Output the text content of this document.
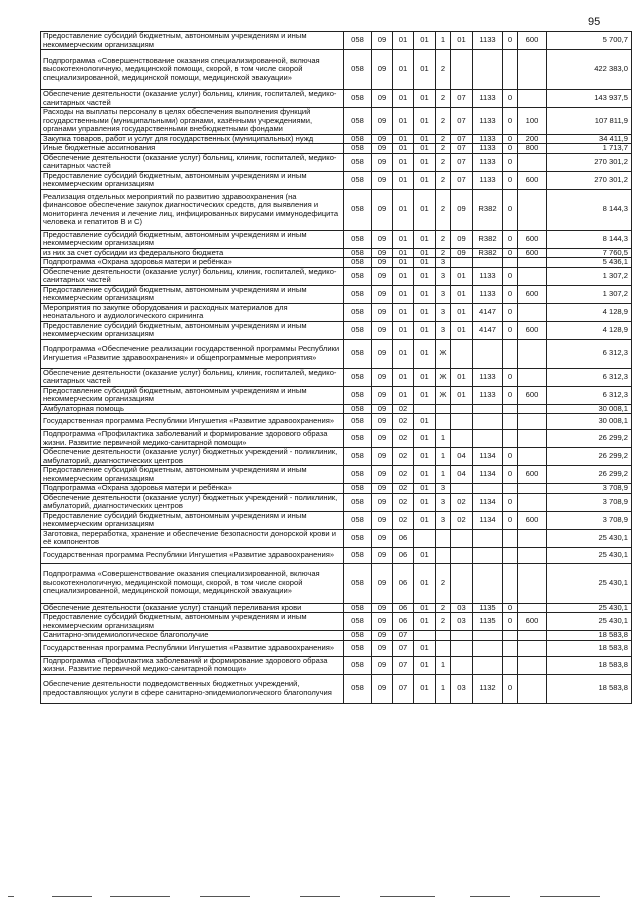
95
Предоставление субсидий бюджетным, автономным учреждениям и иным некоммерческим организациям	058	09	01	01	1	01	1133	0	600	5 700,7
Подпрограмма «Совершенствование оказания специализированной, включая высокотехнологичную, медицинской помощи, скорой, в том числе скорой специализированной, медицинской помощи, медицинской эвакуации»	058	09	01	01	2					422 383,0
Обеспечение деятельности (оказание услуг) больниц, клиник, госпиталей, медико-санитарных частей	058	09	01	01	2	07	1133	0		143 937,5
Расходы на выплаты персоналу в целях обеспечения выполнения функций государственными (муниципальными) органами, казёнными учреждениями, органами управления государственными внебюджетными фондами	058	09	01	01	2	07	1133	0	100	107 811,9
Закупка товаров, работ и услуг для государственных (муниципальных) нужд	058	09	01	01	2	07	1133	0	200	34 411,9
Иные бюджетные ассигнования	058	09	01	01	2	07	1133	0	800	1 713,7
Обеспечение деятельности (оказание услуг) больниц, клиник, госпиталей, медико-санитарных частей	058	09	01	01	2	07	1133	0		270 301,2
Предоставление субсидий бюджетным, автономным учреждениям и иным некоммерческим организациям	058	09	01	01	2	07	1133	0	600	270 301,2
Реализация отдельных мероприятий по развитию здравоохранения (на финансовое обеспечение закупок диагностических средств, для выявления и мониторинга лечения и лечение лиц, инфицированных вирусами иммунодефицита человека и гепатитов В и С)	058	09	01	01	2	09	R382	0		8 144,3
Предоставление субсидий бюджетным, автономным учреждениям и иным некоммерческим организациям	058	09	01	01	2	09	R382	0	600	8 144,3
из них за счет субсидии из федерального бюджета	058	09	01	01	2	09	R382	0	600	7 760,5
Подпрограмма «Охрана здоровья матери и ребёнка»	058	09	01	01	3					5 436,1
Обеспечение деятельности (оказание услуг) больниц, клиник, госпиталей, медико-санитарных частей	058	09	01	01	3	01	1133	0		1 307,2
Предоставление субсидий бюджетным, автономным учреждениям и иным некоммерческим организациям	058	09	01	01	3	01	1133	0	600	1 307,2
Мероприятия по закупке оборудования и расходных материалов для неонатального и аудиологического скрининга	058	09	01	01	3	01	4147	0		4 128,9
Предоставление субсидий бюджетным, автономным учреждениям и иным некоммерческим организациям	058	09	01	01	3	01	4147	0	600	4 128,9
Подпрограмма «Обеспечение реализации государственной программы Республики Ингушетия «Развитие здравоохранения» и общепрограммные мероприятия»	058	09	01	01	Ж					6 312,3
Обеспечение деятельности (оказание услуг) больниц, клиник, госпиталей, медико-санитарных частей	058	09	01	01	Ж	01	1133	0		6 312,3
Предоставление субсидий бюджетным, автономным учреждениям и иным некоммерческим организациям	058	09	01	01	Ж	01	1133	0	600	6 312,3
Амбулаторная помощь	058	09	02							30 008,1
Государственная программа Республики Ингушетия «Развитие здравоохранения»	058	09	02	01						30 008,1
Подпрограмма «Профилактика заболеваний и формирование здорового образа жизни. Развитие первичной медико-санитарной помощи»	058	09	02	01	1					26 299,2
Обеспечение деятельности (оказание услуг) бюджетных учреждений - поликлиник, амбулаторий, диагностических центров	058	09	02	01	1	04	1134	0		26 299,2
Предоставление субсидий бюджетным, автономным учреждениям и иным некоммерческим организациям	058	09	02	01	1	04	1134	0	600	26 299,2
Подпрограмма «Охрана здоровья матери и ребёнка»	058	09	02	01	3					3 708,9
Обеспечение деятельности (оказание услуг) бюджетных учреждений - поликлиник, амбулаторий, диагностических центров	058	09	02	01	3	02	1134	0		3 708,9
Предоставление субсидий бюджетным, автономным учреждениям и иным некоммерческим организациям	058	09	02	01	3	02	1134	0	600	3 708,9
Заготовка, переработка, хранение и обеспечение безопасности донорской крови и её компонентов	058	09	06							25 430,1
Государственная программа Республики Ингушетия «Развитие здравоохранения»	058	09	06	01						25 430,1
Подпрограмма «Совершенствование оказания специализированной, включая высокотехнологичную, медицинской помощи, скорой, в том числе скорой специализированной, медицинской помощи, медицинской эвакуации»	058	09	06	01	2					25 430,1
Обеспечение деятельности (оказание услуг) станций переливания крови	058	09	06	01	2	03	1135	0		25 430,1
Предоставление субсидий бюджетным, автономным учреждениям и иным некоммерческим организациям	058	09	06	01	2	03	1135	0	600	25 430,1
Санитарно-эпидемиологическое благополучие	058	09	07							18 583,8
Государственная программа Республики Ингушетия «Развитие здравоохранения»	058	09	07	01						18 583,8
Подпрограмма «Профилактика заболеваний и формирование здорового образа жизни. Развитие первичной медико-санитарной помощи»	058	09	07	01	1					18 583,8
Обеспечение деятельности подведомственных бюджетных учреждений, предоставляющих услуги в сфере санитарно-эпидемиологического благополучия	058	09	07	01	1	03	1132	0		18 583,8
